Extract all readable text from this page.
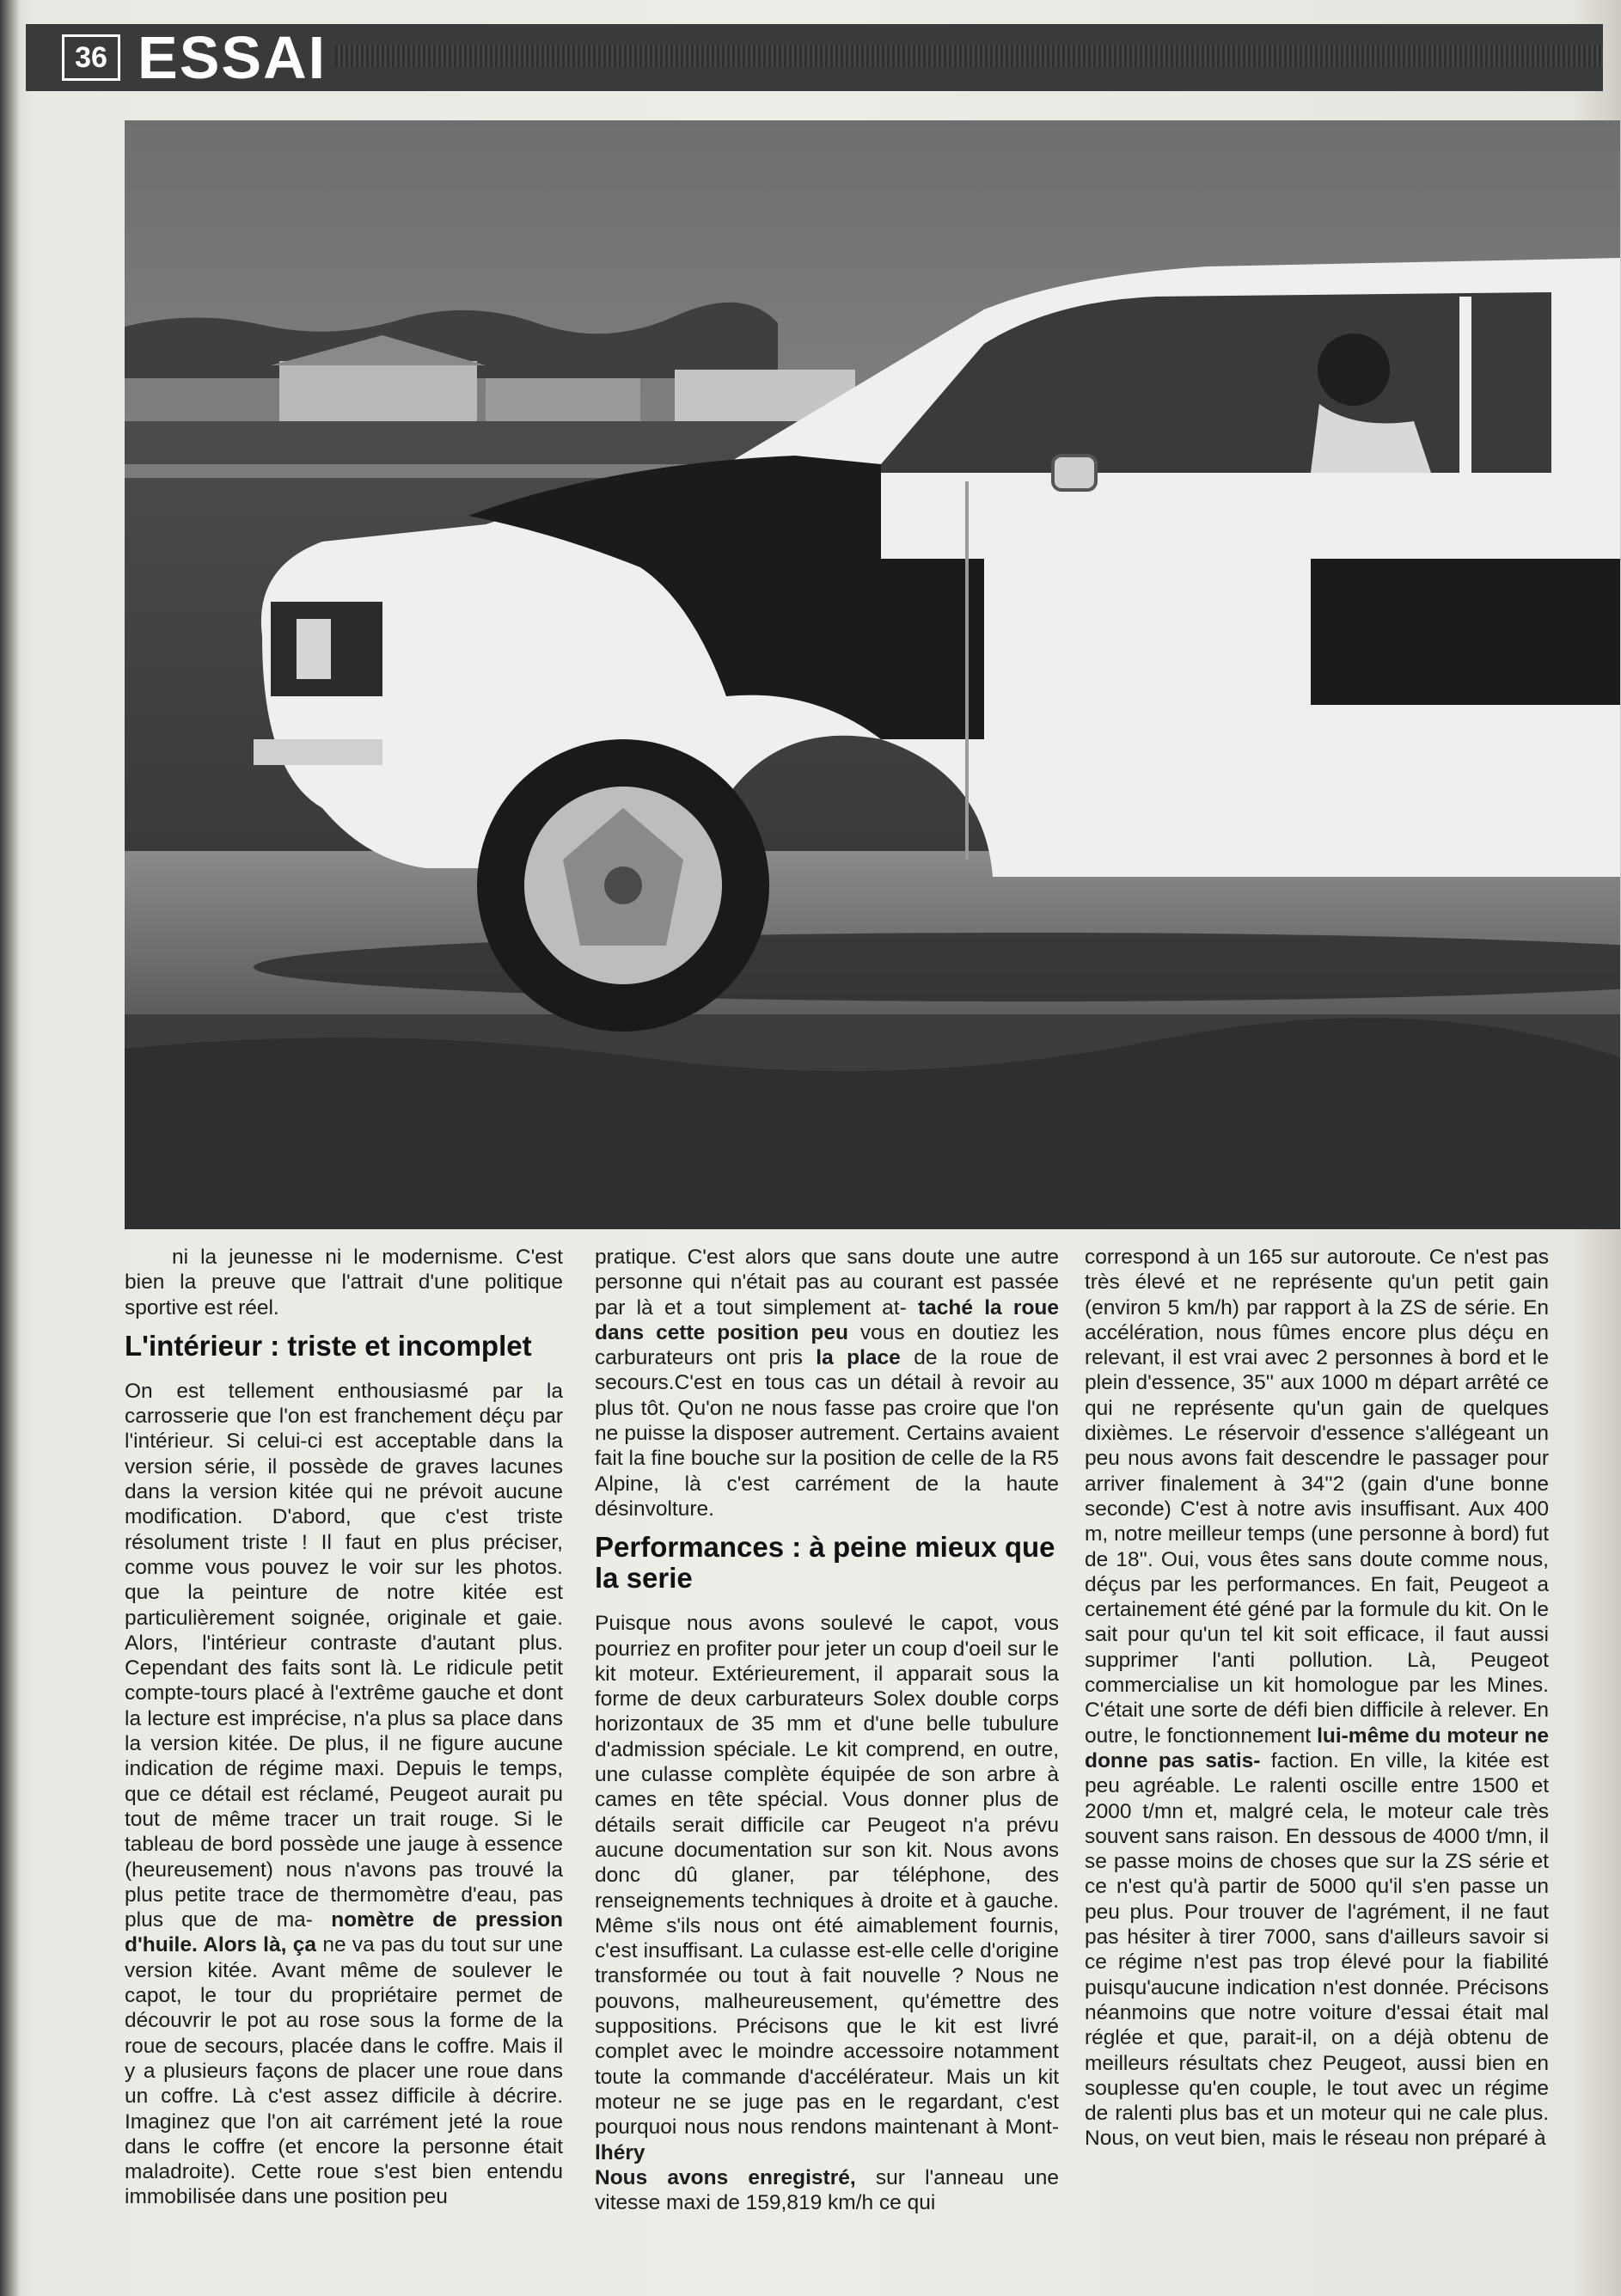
36 ESSAI

ni la jeunesse ni le modernisme. C'est bien la preuve que l'attrait d'une politique sportive est réel.

L'intérieur : triste et incomplet

On est tellement enthousiasmé par la carrosserie que l'on est franchement déçu par l'intérieur. Si celui-ci est acceptable dans la version série, il possède de graves lacunes dans la version kitée qui ne prévoit aucune modification. D'abord, que c'est triste résolument triste ! Il faut en plus préciser, comme vous pouvez le voir sur les photos. que la peinture de notre kitée est particulièrement soignée, originale et gaie. Alors, l'intérieur contraste d'autant plus. Cependant des faits sont là. Le ridicule petit compte-tours placé à l'extrême gauche et dont la lecture est imprécise, n'a plus sa place dans la version kitée. De plus, il ne figure aucune indication de régime maxi. Depuis le temps, que ce détail est réclamé, Peugeot aurait pu tout de même tracer un trait rouge. Si le tableau de bord possède une jauge à essence (heureusement) nous n'avons pas trouvé la plus petite trace de thermomètre d'eau, pas plus que de ma- nomètre de pression d'huile. Alors là, ça ne va pas du tout sur une version kitée. Avant même de soulever le capot, le tour du propriétaire permet de découvrir le pot au rose sous la forme de la roue de secours, placée dans le coffre. Mais il y a plusieurs façons de placer une roue dans un coffre. Là c'est assez difficile à décrire. Imaginez que l'on ait carrément jeté la roue dans le coffre (et encore la personne était maladroite). Cette roue s'est bien entendu immobilisée dans une position peu

pratique. C'est alors que sans doute une autre personne qui n'était pas au courant est passée par là et a tout simplement at- taché la roue dans cette position peu vous en doutiez les carburateurs ont pris la place de la roue de secours.C'est en tous cas un détail à revoir au plus tôt. Qu'on ne nous fasse pas croire que l'on ne puisse la disposer autrement. Certains avaient fait la fine bouche sur la position de celle de la R5 Alpine, là c'est carrément de la haute désinvolture.

Performances : à peine mieux que la serie

Puisque nous avons soulevé le capot, vous pourriez en profiter pour jeter un coup d'oeil sur le kit moteur. Extérieurement, il apparait sous la forme de deux carburateurs Solex double corps horizontaux de 35 mm et d'une belle tubulure d'admission spéciale. Le kit comprend, en outre, une culasse complète équipée de son arbre à cames en tête spécial. Vous donner plus de détails serait difficile car Peugeot n'a prévu aucune documentation sur son kit. Nous avons donc dû glaner, par téléphone, des renseignements techniques à droite et à gauche. Même s'ils nous ont été aimablement fournis, c'est insuffisant. La culasse est-elle celle d'origine transformée ou tout à fait nouvelle ? Nous ne pouvons, malheureusement, qu'émettre des suppositions. Précisons que le kit est livré complet avec le moindre accessoire notamment toute la commande d'accélérateur. Mais un kit moteur ne se juge pas en le regardant, c'est pourquoi nous nous rendons maintenant à Mont- lhéry

Nous avons enregistré, sur l'anneau une vitesse maxi de 159,819 km/h ce qui

correspond à un 165 sur autoroute. Ce n'est pas très élevé et ne représente qu'un petit gain (environ 5 km/h) par rapport à la ZS de série. En accélération, nous fûmes encore plus déçu en relevant, il est vrai avec 2 personnes à bord et le plein d'essence, 35'' aux 1000 m départ arrêté ce qui ne représente qu'un gain de quelques dixièmes. Le réservoir d'essence s'allégeant un peu nous avons fait descendre le passager pour arriver finalement à 34''2 (gain d'une bonne seconde) C'est à notre avis insuffisant. Aux 400 m, notre meilleur temps (une personne à bord) fut de 18''. Oui, vous êtes sans doute comme nous, déçus par les performances. En fait, Peugeot a certainement été géné par la formule du kit. On le sait pour qu'un tel kit soit efficace, il faut aussi supprimer l'anti pollution. Là, Peugeot commercialise un kit homologue par les Mines. C'était une sorte de défi bien difficile à relever. En outre, le fonctionnement lui-même du moteur ne donne pas satis- faction. En ville, la kitée est peu agréable. Le ralenti oscille entre 1500 et 2000 t/mn et, malgré cela, le moteur cale très souvent sans raison. En dessous de 4000 t/mn, il se passe moins de choses que sur la ZS série et ce n'est qu'à partir de 5000 qu'il s'en passe un peu plus. Pour trouver de l'agrément, il ne faut pas hésiter à tirer 7000, sans d'ailleurs savoir si ce régime n'est pas trop élevé pour la fiabilité puisqu'aucune indication n'est donnée. Précisons néanmoins que notre voiture d'essai était mal réglée et que, parait-il, on a déjà obtenu de meilleurs résultats chez Peugeot, aussi bien en souplesse qu'en couple, le tout avec un régime de ralenti plus bas et un moteur qui ne cale plus. Nous, on veut bien, mais le réseau non préparé à
